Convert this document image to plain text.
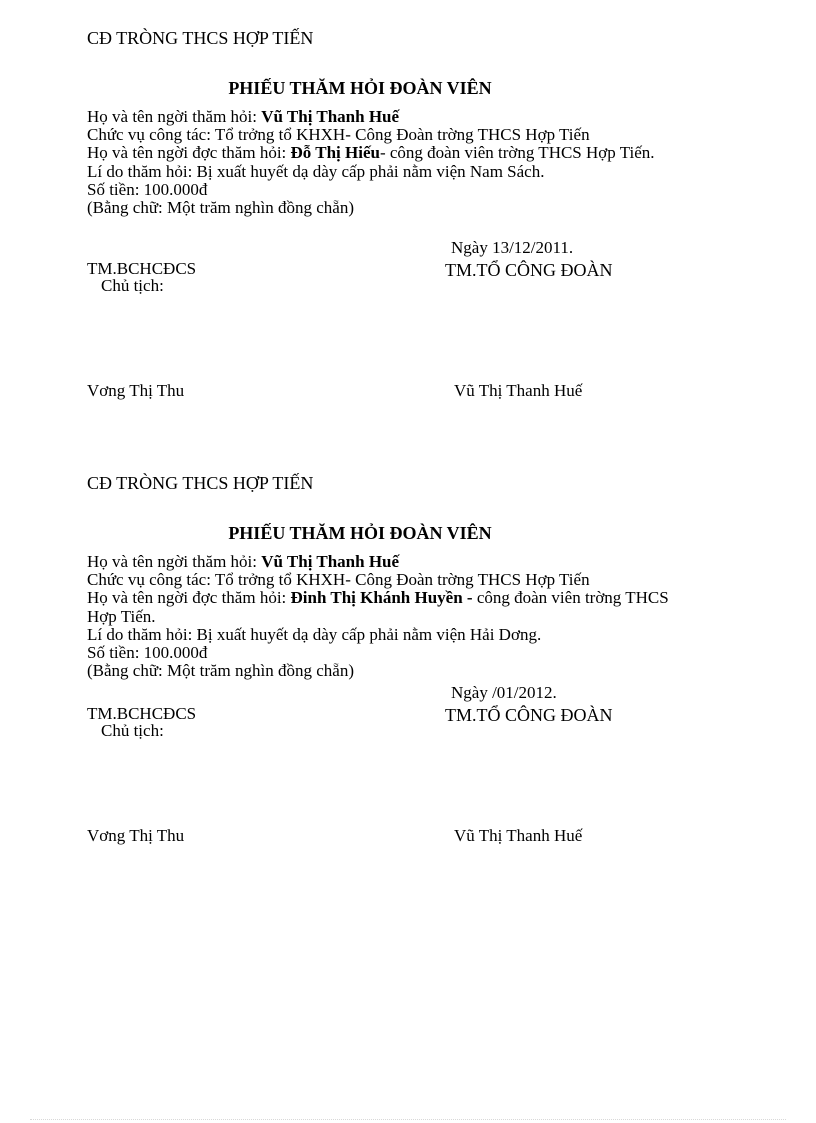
CĐ TRÒNG THCS HỢP TIẾN
PHIẾU THĂM HỎI ĐOÀN VIÊN
Họ và tên ngời thăm hỏi: Vũ Thị Thanh Huế
Chức vụ công tác: Tổ trởng tổ KHXH- Công Đoàn trờng THCS Hợp Tiến
Họ và tên ngời đợc thăm hỏi: Đỗ Thị Hiếu- công đoàn viên trờng THCS Hợp Tiến.
Lí do thăm hỏi: Bị xuất huyết dạ dày cấp phải nằm viện Nam Sách.
Số tiền: 100.000đ
(Bằng chữ: Một trăm nghìn đồng chẵn)
Ngày 13/12/2011.
TM.BCHCĐCS
Chủ tịch:
TM.TỔ CÔNG ĐOÀN
Vơng Thị Thu	Vũ Thị Thanh Huế
CĐ TRÒNG THCS HỢP TIẾN
PHIẾU THĂM HỎI ĐOÀN VIÊN
Họ và tên ngời thăm hỏi: Vũ Thị Thanh Huế
Chức vụ công tác: Tổ trởng tổ KHXH- Công Đoàn trờng THCS Hợp Tiến
Họ và tên ngời đợc thăm hỏi: Đinh Thị Khánh Huyền - công đoàn viên trờng THCS Hợp Tiến.
Lí do thăm hỏi: Bị xuất huyết dạ dày cấp phải nằm viện Hải Dơng.
Số tiền: 100.000đ
(Bằng chữ: Một trăm nghìn đồng chẵn)
Ngày /01/2012.
TM.BCHCĐCS
Chủ tịch:
TM.TỔ CÔNG ĐOÀN
Vơng Thị Thu	Vũ Thị Thanh Huế
